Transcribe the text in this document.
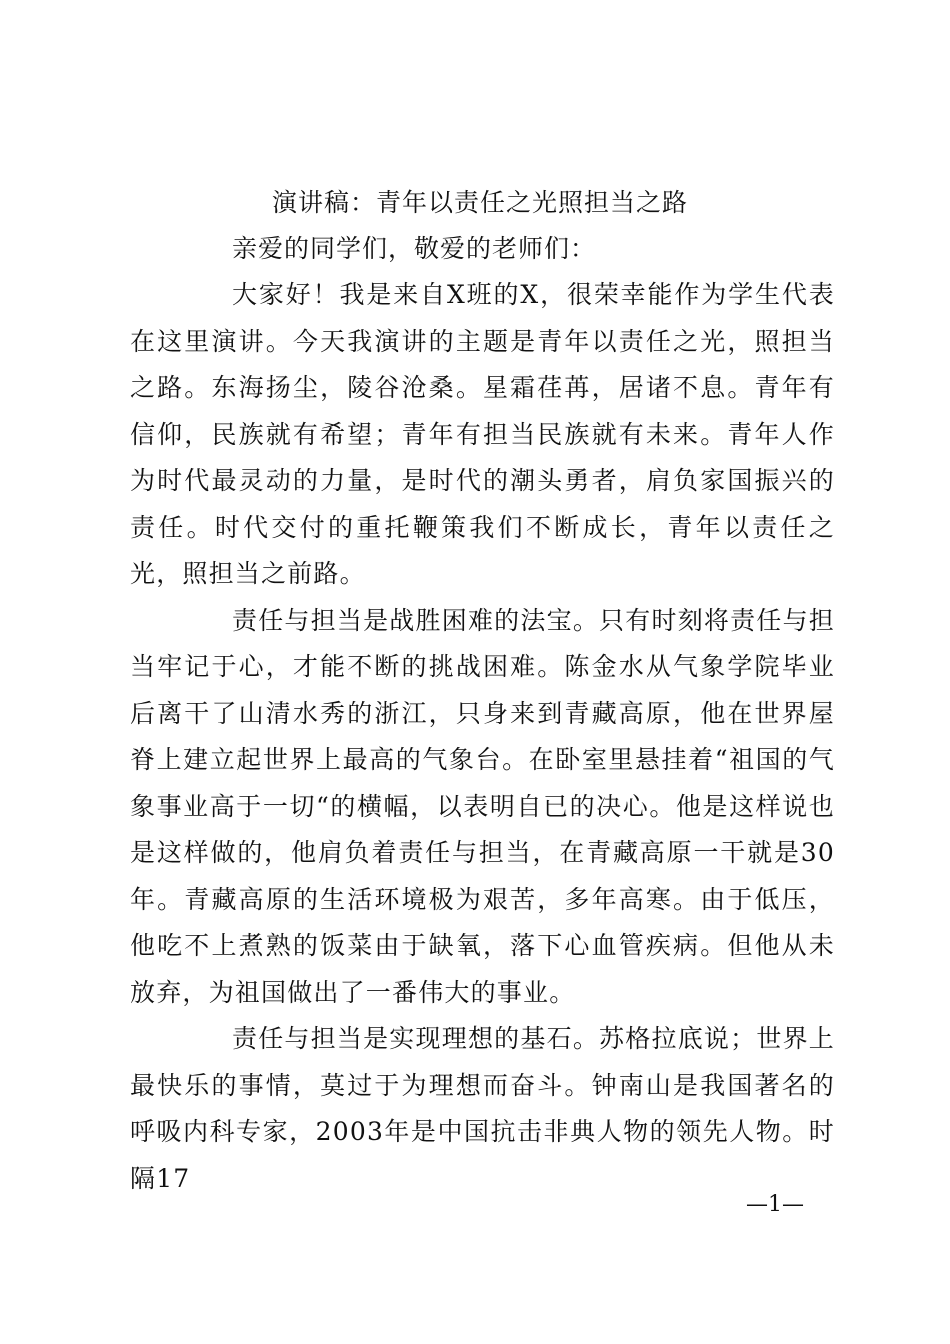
演讲稿：青年以责任之光照担当之路
亲爱的同学们，敬爱的老师们：

大家好！我是来自X班的X，很荣幸能作为学生代表在这里演讲。今天我演讲的主题是青年以责任之光，照担当之路。东海扬尘，陵谷沧桑。星霜荏苒，居诸不息。青年有信仰，民族就有希望；青年有担当民族就有未来。青年人作为时代最灵动的力量，是时代的潮头勇者，肩负家国振兴的责任。时代交付的重托鞭策我们不断成长，青年以责任之光，照担当之前路。

责任与担当是战胜困难的法宝。只有时刻将责任与担当牢记于心，才能不断的挑战困难。陈金水从气象学院毕业后离干了山清水秀的浙江，只身来到青藏高原，他在世界屋脊上建立起世界上最高的气象台。在卧室里悬挂着“祖国的气象事业高于一切“的横幅，以表明自已的决心。他是这样说也是这样做的，他肩负着责任与担当，在青藏高原一干就是30年。青藏高原的生活环境极为艰苦，多年高寒。由于低压，他吃不上煮熟的饭菜由于缺氧，落下心血管疾病。但他从未放弃，为祖国做出了一番伟大的事业。

责任与担当是实现理想的基石。苏格拉底说；世界上最快乐的事情，莫过于为理想而奋斗。钟南山是我国著名的呼吸内科专家，2003年是中国抗击非典人物的领先人物。时隔17

—1—
